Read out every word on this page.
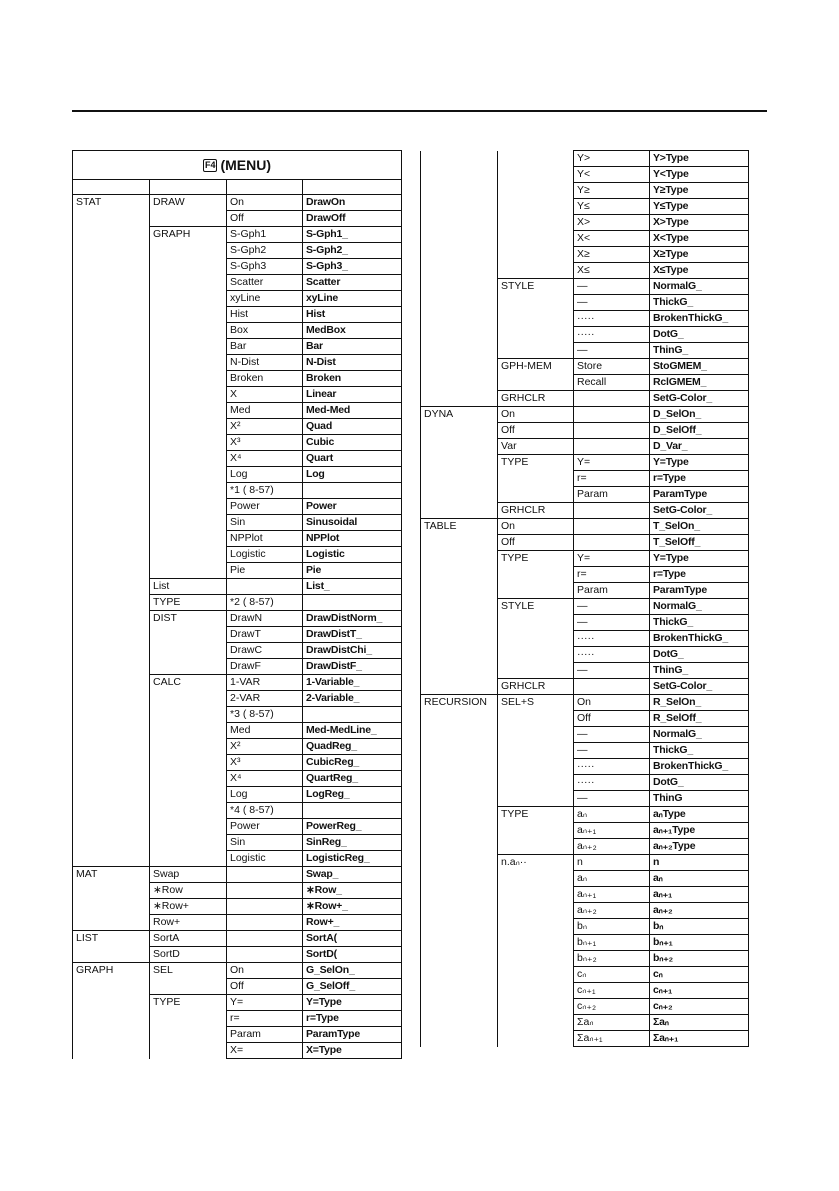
F4 (MENU)			

STAT	DRAW	On	DrawOn
		Off	DrawOff
	GRAPH	S-Gph1	S-Gph1_
		S-Gph2	S-Gph2_
		S-Gph3	S-Gph3_
		Scatter	Scatter
		xyLine	xyLine
		Hist	Hist
		Box	MedBox
		Bar	Bar
		N-Dist	N-Dist
		Broken	Broken
		X	Linear
		Med	Med-Med
		X²	Quad
		X³	Cubic
		X⁴	Quart
		Log	Log
		*1 ( 8-57)	
		Power	Power
		Sin	Sinusoidal
		NPPlot	NPPlot
		Logistic	Logistic
		Pie	Pie
	List		List_
	TYPE	*2 ( 8-57)	
	DIST	DrawN	DrawDistNorm_
		DrawT	DrawDistT_
		DrawC	DrawDistChi_
		DrawF	DrawDistF_
	CALC	1-VAR	1-Variable_
		2-VAR	2-Variable_
		*3 ( 8-57)	
		Med	Med-MedLine_
		X²	QuadReg_
		X³	CubicReg_
		X⁴	QuartReg_
		Log	LogReg_
		*4 ( 8-57)	
		Power	PowerReg_
		Sin	SinReg_
		Logistic	LogisticReg_
MAT	Swap		Swap_
	∗Row		∗Row_
	∗Row+		∗Row+_
	Row+		Row+_
LIST	SortA		SortA(
	SortD		SortD(
GRAPH	SEL	On	G_SelOn_
		Off	G_SelOff_
	TYPE	Y=	Y=Type
		r=	r=Type
		Param	ParamType
		X=	X=Type
		Y>	Y>Type
		Y<	Y<Type
		Y≥	Y≥Type
		Y≤	Y≤Type
		X>	X>Type
		X<	X<Type
		X≥	X≥Type
		X≤	X≤Type
	STYLE	—	NormalG_
		—	ThickG_
		·····	BrokenThickG_
		·····	DotG_
		—	ThinG_
	GPH-MEM	Store	StoGMEM_
		Recall	RclGMEM_
	GRHCLR		SetG-Color_
DYNA	On		D_SelOn_
	Off		D_SelOff_
	Var		D_Var_
	TYPE	Y=	Y=Type
		r=	r=Type
		Param	ParamType
	GRHCLR		SetG-Color_
TABLE	On		T_SelOn_
	Off		T_SelOff_
	TYPE	Y=	Y=Type
		r=	r=Type
		Param	ParamType
	STYLE	—	NormalG_
		—	ThickG_
		·····	BrokenThickG_
		·····	DotG_
		—	ThinG_
	GRHCLR		SetG-Color_
RECURSION	SEL+S	On	R_SelOn_
		Off	R_SelOff_
		—	NormalG_
		—	ThickG_
		·····	BrokenThickG_
		·····	DotG_
		—	ThinG
	TYPE	aₙ	aₙType
		aₙ₊₁	aₙ₊₁Type
		aₙ₊₂	aₙ₊₂Type
	n.aₙ··	n	n
		aₙ	aₙ
		aₙ₊₁	aₙ₊₁
		aₙ₊₂	aₙ₊₂
		bₙ	bₙ
		bₙ₊₁	bₙ₊₁
		bₙ₊₂	bₙ₊₂
		cₙ	cₙ
		cₙ₊₁	cₙ₊₁
		cₙ₊₂	cₙ₊₂
		Σaₙ	Σaₙ
		Σaₙ₊₁	Σaₙ₊₁
